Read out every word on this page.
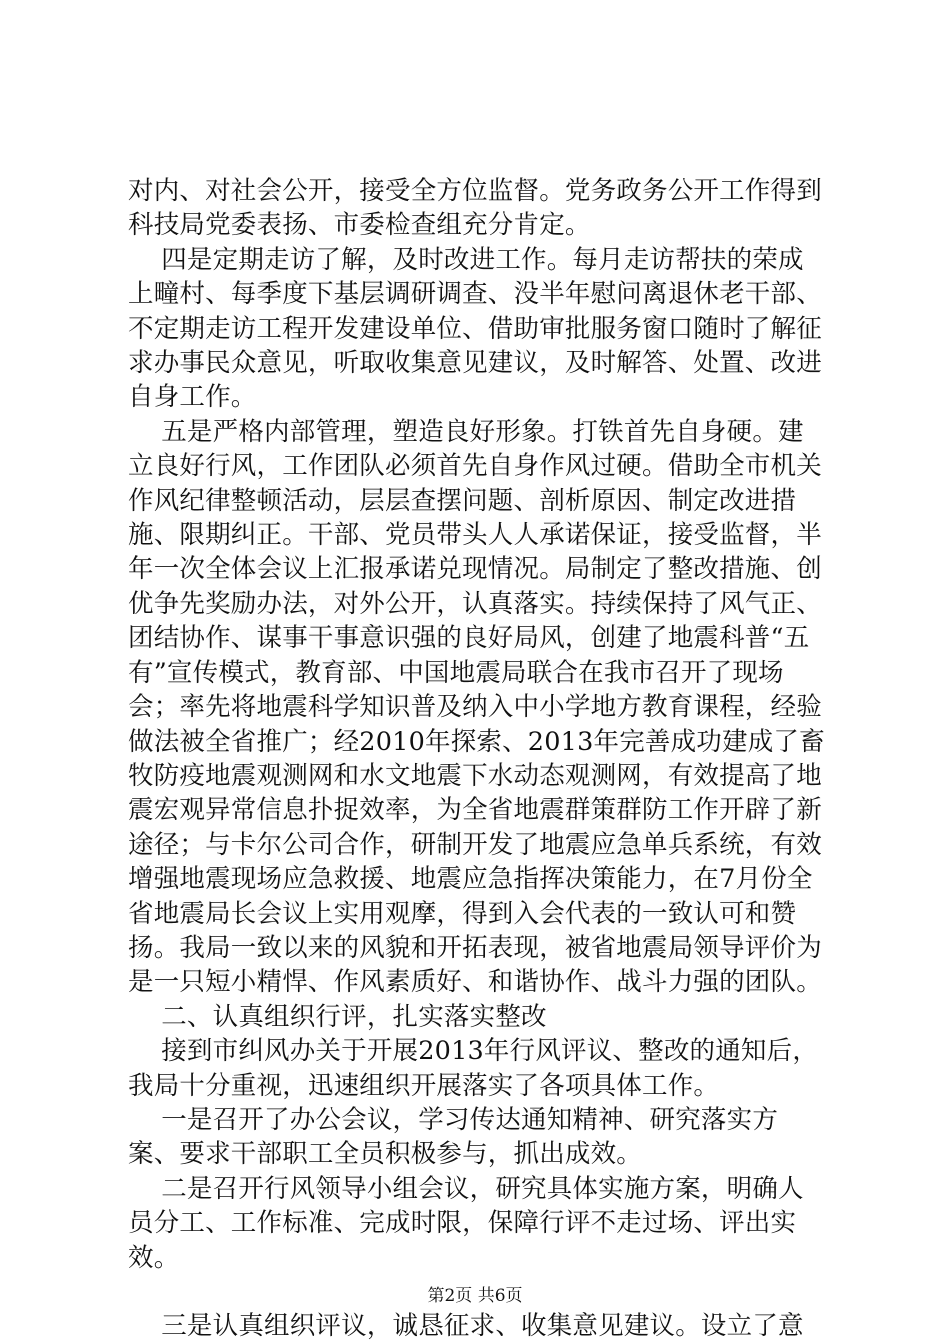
对内、对社会公开，接受全方位监督。党务政务公开工作得到科技局党委表扬、市委检查组充分肯定。

四是定期走访了解，及时改进工作。每月走访帮扶的荣成上疃村、每季度下基层调研调查、没半年慰问离退休老干部、不定期走访工程开发建设单位、借助审批服务窗口随时了解征求办事民众意见，听取收集意见建议，及时解答、处置、改进自身工作。

五是严格内部管理，塑造良好形象。打铁首先自身硬。建立良好行风，工作团队必须首先自身作风过硬。借助全市机关作风纪律整顿活动，层层查摆问题、剖析原因、制定改进措施、限期纠正。干部、党员带头人人承诺保证，接受监督，半年一次全体会议上汇报承诺兑现情况。局制定了整改措施、创优争先奖励办法，对外公开，认真落实。持续保持了风气正、团结协作、谋事干事意识强的良好局风，创建了地震科普“五有”宣传模式，教育部、中国地震局联合在我市召开了现场会；率先将地震科学知识普及纳入中小学地方教育课程，经验做法被全省推广；经2010年探索、2013年完善成功建成了畜牧防疫地震观测网和水文地震下水动态观测网，有效提高了地震宏观异常信息扑捉效率，为全省地震群策群防工作开辟了新途径；与卡尔公司合作，研制开发了地震应急单兵系统，有效增强地震现场应急救援、地震应急指挥决策能力，在7月份全省地震局长会议上实用观摩，得到入会代表的一致认可和赞扬。我局一致以来的风貌和开拓表现，被省地震局领导评价为是一只短小精悍、作风素质好、和谐协作、战斗力强的团队。

二、认真组织行评，扎实落实整改

接到市纠风办关于开展2013年行风评议、整改的通知后，我局十分重视，迅速组织开展落实了各项具体工作。

一是召开了办公会议，学习传达通知精神、研究落实方案、要求干部职工全员积极参与，抓出成效。

二是召开行风领导小组会议，研究具体实施方案，明确人员分工、工作标准、完成时限，保障行评不走过场、评出实效。

三是认真组织评议，诚恳征求、收集意见建议。设立了意

第2页 共6页
